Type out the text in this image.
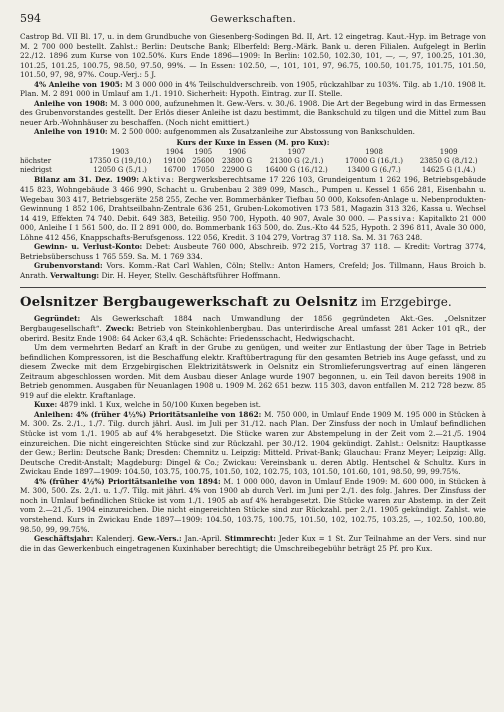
594	Gewerkschaften.

Castrop Bd. VII Bl. 17, u. in dem Grundbuche von Giesenberg-Sodingen Bd. II, Art. 12 eingetrag. Kaut.-Hyp. im Betrage von M. 2 700 000 bestellt. Zahlst.: Berlin: Deutsche Bank; Elberfeld: Berg.-Märk. Bank u. deren Filialen. Aufgelegt in Berlin 22./12. 1896 zum Kurse von 102.50%. Kurs Ende 1896—1909: In Berlin: 102.50, 102.30, 101, —, —, 97, 100.25, 101.30, 101.25, 101.25, 100.75, 98.50, 97.50, 99%. — In Essen: 102.50, —, 101, 101, 97, 96.75, 100.50, 101.75, 101.75, 101.50, 101.50, 97, 98, 97%. Coup.-Verj.: 5 J.

4% Anleihe von 1905: M 3 000 000 in 4% Teilschuldverschreib. von 1905, rückzahlbar zu 103%. Tilg. ab 1./10. 1908 lt. Plan. M. 2 891 000 in Umlauf am 1./1. 1910. Sicherheit: Hypoth. Eintrag. zur II. Stelle.

Anleihe von 1908: M. 3 000 000, aufzunehmen lt. Gew.-Vers. v. 30./6. 1908. Die Art der Begebung wird in das Ermessen des Grubenvorstandes gestellt. Der Erlös dieser Anleihe ist dazu bestimmt, die Bankschuld zu tilgen und die Mittel zum Bau neuer Arb.-Wohnhäuser zu beschaffen. (Noch nicht emittiert.)

Anleihe von 1910: M. 2 500 000: aufgenommen als Zusatzanleihe zur Abstossung von Bankschulden.

Kurs der Kuxe in Essen (M. pro Kux):
	1903	1904	1905	1906	1907	1908	1909
höchster	17350 G (19./10.)	19100	25600	23800 G	21300 G (2./1.)	17000 G (16./1.)	23850 G (8./12.)
niedrigst	12050 G (5./1.)	16700	17050	22900 G	16400 G (16./12.)	13400 G (6./7.)	14625 G (1./4.)

Bilanz am 31. Dez. 1909: Aktiva: Bergwerksberechtsame 17 226 103, Grundeigentum 1 262 196, Betriebsgebäude 415 823, Wohngebäude 3 466 990, Schacht u. Grubenbau 2 389 099, Masch., Pumpen u. Kessel 1 656 281, Eisenbahn u. Wegebau 303 417, Betriebsgeräte 258 255, Zeche ver. Bommerbänker Tiefbau 50 000, Koksofen-Anlage u. Nebenprodukten-Gewinnung 1 852 106, Drahtseilbahn-Zentrale 636 251, Gruben-Lokomotiven 173 581, Magazin 313 326, Kassa u. Wechsel 14 419, Effekten 74 740. Debit. 649 383, Beteilig. 950 700, Hypoth. 40 907, Avale 30 000. — Passiva: Kapitalkto 21 000 000, Anleihe I 1 561 500, do. II 2 891 000, do. Bommerbank 163 500, do. Zus.-Kto 44 525, Hypoth. 2 396 811, Avale 30 000, Löhne 412 456, Knappschafts-Berufsgenoss. 122 056, Kredit. 3 104 279, Vortrag 37 118. Sa. M. 31 763 248.

Gewinn- u. Verlust-Konto: Debet: Ausbeute 760 000, Abschreib. 972 215, Vortrag 37 118. — Kredit: Vortrag 3774, Betriebsüberschuss 1 765 559. Sa. M. 1 769 334.

Grubenvorstand: Vors. Komm.-Rat Carl Wahlen, Cöln; Stellv.: Anton Hamers, Crefeld; Jos. Tillmann, Haus Broich b. Anrath. Verwaltung: Dir. H. Heyer, Stellv. Geschäftsführer Hoffmann.

Oelsnitzer Bergbaugewerkschaft zu Oelsnitz im Erzgebirge.

Gegründet: Als Gewerkschaft 1884 nach Umwandlung der 1856 gegründeten Akt.-Ges. „Oelsnitzer Bergbaugesellschaft“. Zweck: Betrieb von Steinkohlenbergbau. Das unterirdische Areal umfasst 281 Acker 101 qR., der oberird. Besitz Ende 1908: 64 Acker 63,4 qR. Schächte: Friedensschacht, Hedwigschacht.

Um dem vermehrten Bedarf an Kraft in der Grube zu genügen, und weiter zur Entlastung der über Tage in Betrieb befindlichen Kompressoren, ist die Beschaffung elektr. Kraftübertragung für den gesamten Betrieb ins Auge gefasst, und zu diesem Zwecke mit dem Erzgebirgischen Elektrizitätswerk in Oelsnitz ein Stromlieferungsvertrag auf einen längeren Zeitraum abgeschlossen worden. Mit dem Ausbau dieser Anlage wurde 1907 begonnen, u. ein Teil davon bereits 1908 in Betrieb genommen. Ausgaben für Neuanlagen 1908 u. 1909 M. 262 651 bezw. 115 303, davon entfallen M. 212 728 bezw. 85 919 auf die elektr. Kraftanlage.

Kuxe: 4879 inkl. 1 Kux, welche in 50/100 Kuxen begeben ist.

Anleihen: 4% (früher 4½%) Prioritätsanleihe von 1862: M. 750 000, in Umlauf Ende 1909 M. 195 000 in Stücken à M. 300. Zs. 2./1., 1./7. Tilg. durch jährl. Ausl. im Juli per 31./12. nach Plan. Der Zinsfuss der noch in Umlauf befindlichen Stücke ist vom 1./1. 1905 ab auf 4% herabgesetzt. Die Stücke waren zur Abstempelung in der Zeit vom 2.—21./5. 1904 einzureichen. Die nicht eingereichten Stücke sind zur Rückzahl. per 30./12. 1904 gekündigt. Zahlst.: Oelsnitz: Hauptkasse der Gew.; Berlin: Deutsche Bank; Dresden: Chemnitz u. Leipzig: Mitteld. Privat-Bank; Glauchau: Franz Meyer; Leipzig: Allg. Deutsche Credit-Anstalt; Magdeburg: Dingel & Co.; Zwickau: Vereinsbank u. deren Abtlg. Hentschel & Schultz. Kurs in Zwickau Ende 1897—1909: 104.50, 103.75, 100.75, 101.50, 102, 102.75, 103, 101.50, 101.60, 101, 98.50, 99, 99.75%.

4% (früher 4½%) Prioritätsanleihe von 1894: M. 1 000 000, davon in Umlauf Ende 1909: M. 600 000, in Stücken à M. 300, 500. Zs. 2./1. u. 1./7. Tilg. mit jährl. 4% von 1900 ab durch Verl. im Juni per 2./1. des folg. Jahres. Der Zinsfuss der noch in Umlauf befindlichen Stücke ist vom 1./1. 1905 ab auf 4% herabgesetzt. Die Stücke waren zur Abstemp. in der Zeit vom 2.—21./5. 1904 einzureichen. Die nicht eingereichten Stücke sind zur Rückzahl. per 2./1. 1905 gekündigt. Zahlst. wie vorstehend. Kurs in Zwickau Ende 1897—1909: 104.50, 103.75, 100.75, 101.50, 102, 102.75, 103.25, —, 102.50, 100.80, 98.50, 99, 99.75%.

Geschäftsjahr: Kalenderj. Gew.-Vers.: Jan.-April. Stimmrecht: Jeder Kux = 1 St. Zur Teilnahme an der Vers. sind nur die in das Gewerkenbuch eingetragenen Kuxinhaber berechtigt; die Umschreibegebühr beträgt 25 Pf. pro Kux.
